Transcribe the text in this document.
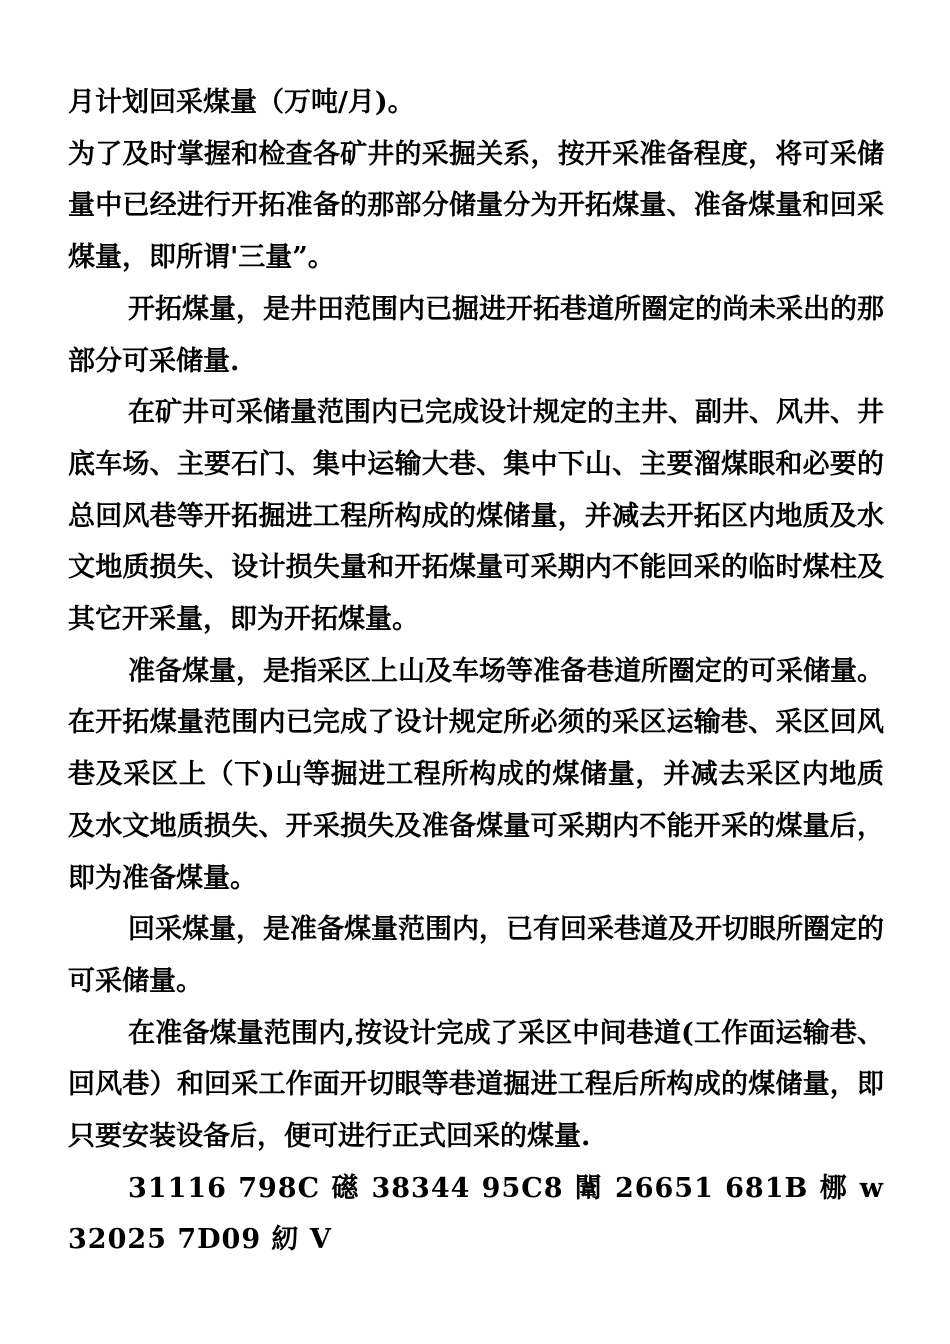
月计划回采煤量（万吨/月)。

为了及时掌握和检查各矿井的采掘关系，按开采准备程度，将可采储量中已经进行开拓准备的那部分储量分为开拓煤量、准备煤量和回采煤量，即所谓'三量”。

开拓煤量，是井田范围内已掘进开拓巷道所圈定的尚未采出的那部分可采储量.

在矿井可采储量范围内已完成设计规定的主井、副井、风井、井底车场、主要石门、集中运输大巷、集中下山、主要溜煤眼和必要的总回风巷等开拓掘进工程所构成的煤储量，并减去开拓区内地质及水文地质损失、设计损失量和开拓煤量可采期内不能回采的临时煤柱及其它开采量，即为开拓煤量。

准备煤量，是指采区上山及车场等准备巷道所圈定的可采储量。在开拓煤量范围内已完成了设计规定所必须的采区运输巷、采区回风巷及采区上（下)山等掘进工程所构成的煤储量，并减去采区内地质及水文地质损失、开采损失及准备煤量可采期内不能开采的煤量后，即为准备煤量。

回采煤量，是准备煤量范围内，已有回采巷道及开切眼所圈定的可采储量。

在准备煤量范围内,按设计完成了采区中间巷道(工作面运输巷、回风巷）和回采工作面开切眼等巷道掘进工程后所构成的煤储量，即只要安装设备后，便可进行正式回采的煤量.

31116 798C 礠 38344 95C8 闈 26651 681B 梛 w 32025 7D09 紉 V
